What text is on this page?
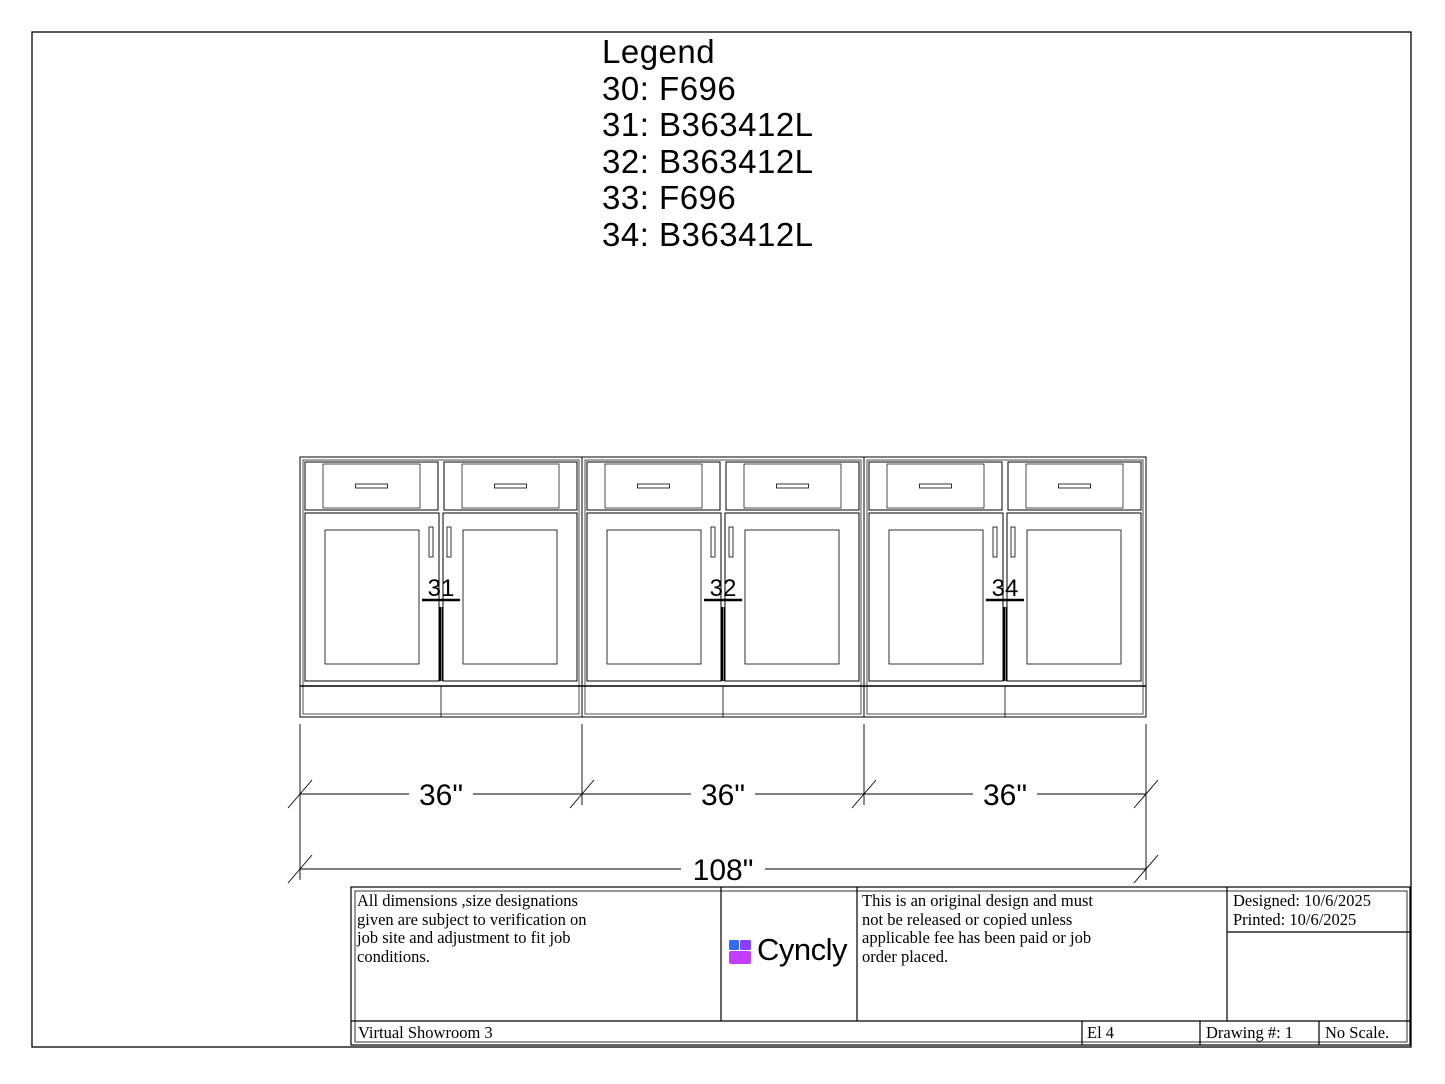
31	32	34
36"	36"	36"
108"
Legend
30: F696
31: B363412L
32: B363412L
33: F696
34: B363412L
All dimensions ,size designations
given are subject to verification on
job site and adjustment to fit job
conditions.	Cyncly
This is an original design and must
not be released or copied unless
applicable fee has been paid or job
order placed.
Designed: 10/6/2025
Printed: 10/6/2025
Virtual Showroom 3	El 4	Drawing #: 1 No Scale.
